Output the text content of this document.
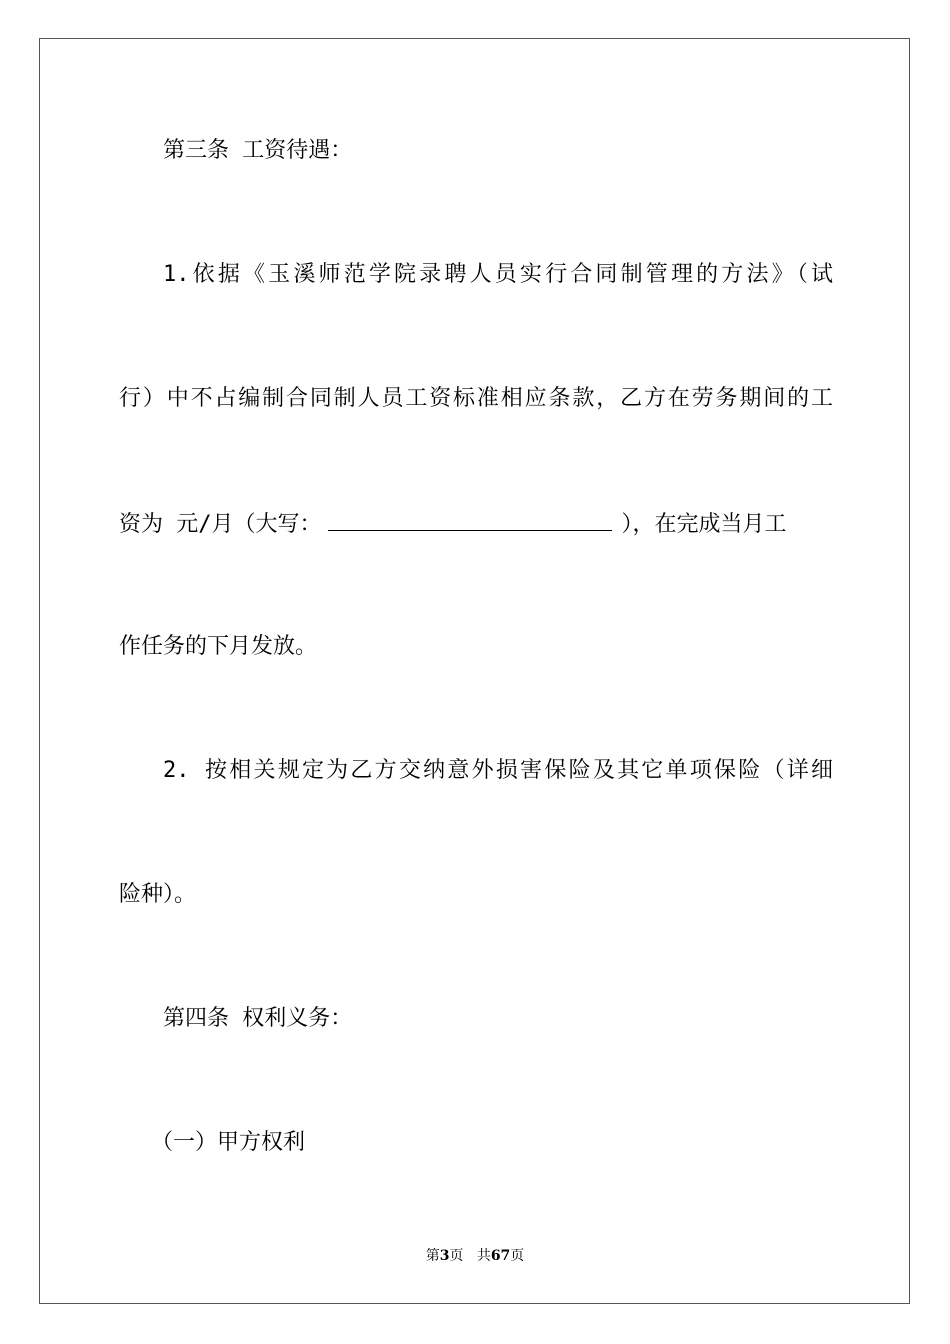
第三条 工资待遇：
1.依据《玉溪师范学院录聘人员实行合同制管理的方法》（试
行）中不占编制合同制人员工资标准相应条款，乙方在劳务期间的工
资为 元/月（大写：	），在完成当月工
作任务的下月发放。
2. 按相关规定为乙方交纳意外损害保险及其它单项保险（详细
险种）。
第四条 权利义务：
（一）甲方权利
第3页 共67页
